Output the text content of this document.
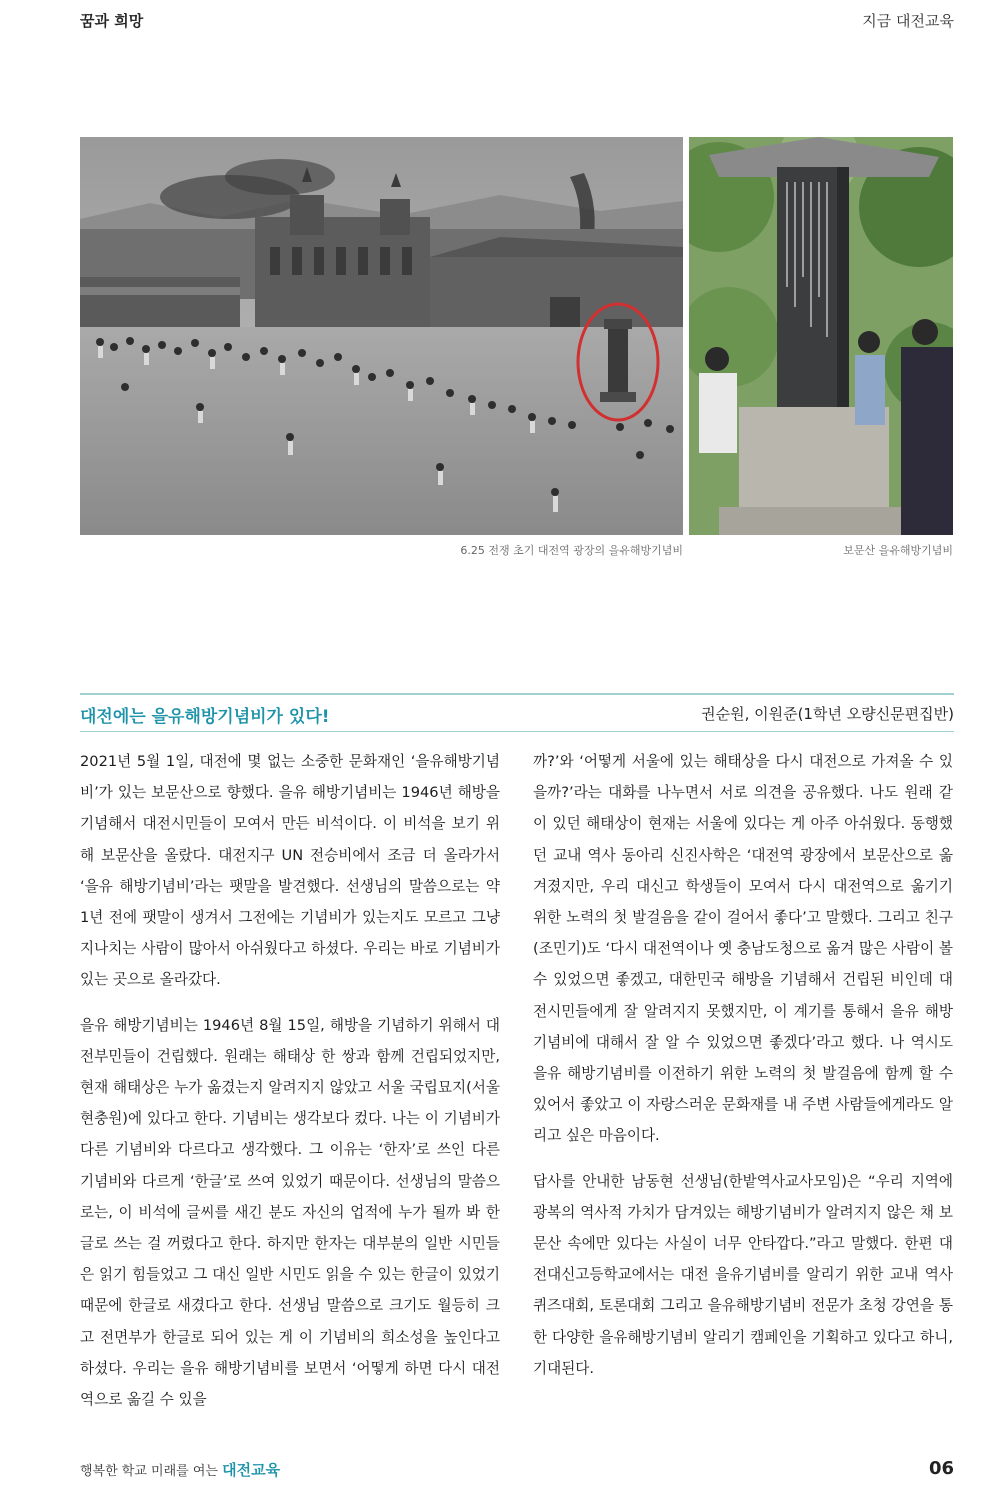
꿈과 희망	지금 대전교육
6.25 전쟁 초기 대전역 광장의 을유해방기념비	보문산 을유해방기념비
대전에는 을유해방기념비가 있다!	권순원, 이원준(1학년 오량신문편집반)

2021년 5월 1일, 대전에 몇 없는 소중한 문화재인 ‘을유해방기념비’가 있는 보문산으로 향했다. 을유 해방기념비는 1946년 해방을 기념해서 대전시민들이 모여서 만든 비석이다. 이 비석을 보기 위해 보문산을 올랐다. 대전지구 UN 전승비에서 조금 더 올라가서 ‘을유 해방기념비’라는 팻말을 발견했다. 선생님의 말씀으로는 약 1년 전에 팻말이 생겨서 그전에는 기념비가 있는지도 모르고 그냥 지나치는 사람이 많아서 아쉬웠다고 하셨다. 우리는 바로 기념비가 있는 곳으로 올라갔다.

을유 해방기념비는 1946년 8월 15일, 해방을 기념하기 위해서 대전부민들이 건립했다. 원래는 해태상 한 쌍과 함께 건립되었지만, 현재 해태상은 누가 옮겼는지 알려지지 않았고 서울 국립묘지(서울현충원)에 있다고 한다. 기념비는 생각보다 컸다. 나는 이 기념비가 다른 기념비와 다르다고 생각했다. 그 이유는 ‘한자’로 쓰인 다른 기념비와 다르게 ‘한글’로 쓰여 있었기 때문이다. 선생님의 말씀으로는, 이 비석에 글씨를 새긴 분도 자신의 업적에 누가 될까 봐 한글로 쓰는 걸 꺼렸다고 한다. 하지만 한자는 대부분의 일반 시민들은 읽기 힘들었고 그 대신 일반 시민도 읽을 수 있는 한글이 있었기 때문에 한글로 새겼다고 한다. 선생님 말씀으로 크기도 월등히 크고 전면부가 한글로 되어 있는 게 이 기념비의 희소성을 높인다고 하셨다. 우리는 을유 해방기념비를 보면서 ‘어떻게 하면 다시 대전역으로 옮길 수 있을

까?’와 ‘어떻게 서울에 있는 해태상을 다시 대전으로 가져올 수 있을까?’라는 대화를 나누면서 서로 의견을 공유했다. 나도 원래 같이 있던 해태상이 현재는 서울에 있다는 게 아주 아쉬웠다. 동행했던 교내 역사 동아리 신진사학은 ‘대전역 광장에서 보문산으로 옮겨졌지만, 우리 대신고 학생들이 모여서 다시 대전역으로 옮기기 위한 노력의 첫 발걸음을 같이 걸어서 좋다’고 말했다. 그리고 친구(조민기)도 ‘다시 대전역이나 옛 충남도청으로 옮겨 많은 사람이 볼 수 있었으면 좋겠고, 대한민국 해방을 기념해서 건립된 비인데 대전시민들에게 잘 알려지지 못했지만, 이 계기를 통해서 을유 해방기념비에 대해서 잘 알 수 있었으면 좋겠다’라고 했다. 나 역시도 을유 해방기념비를 이전하기 위한 노력의 첫 발걸음에 함께 할 수 있어서 좋았고 이 자랑스러운 문화재를 내 주변 사람들에게라도 알리고 싶은 마음이다.

답사를 안내한 남동현 선생님(한밭역사교사모임)은 “우리 지역에 광복의 역사적 가치가 담겨있는 해방기념비가 알려지지 않은 채 보문산 속에만 있다는 사실이 너무 안타깝다.”라고 말했다. 한편 대전대신고등학교에서는 대전 을유기념비를 알리기 위한 교내 역사퀴즈대회, 토론대회 그리고 을유해방기념비 전문가 초청 강연을 통한 다양한 을유해방기념비 알리기 캠페인을 기획하고 있다고 하니, 기대된다.

행복한 학교 미래를 여는 대전교육	06
